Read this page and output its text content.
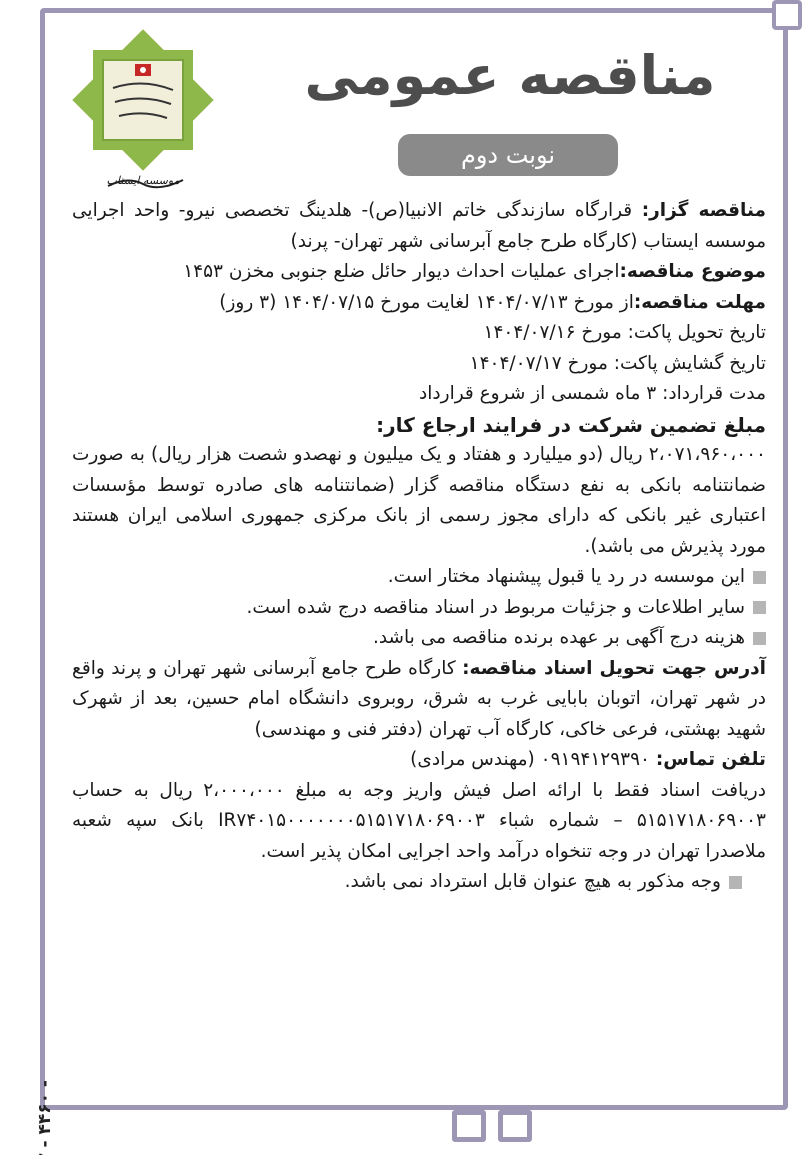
موسسه ایستاب
مناقصه عمومی
نوبت دوم

مناقصه گزار: قرارگاه سازندگی خاتم الانبیا(ص)- هلدینگ تخصصی نیرو- واحد اجرایی موسسه ایستاب (کارگاه طرح جامع آبرسانی شهر تهران- پرند)

موضوع مناقصه:اجرای عملیات احداث دیوار حائل ضلع جنوبی مخزن ۱۴۵۳

مهلت مناقصه:از مورخ ۱۴۰۴/۰۷/۱۳ لغایت مورخ ۱۴۰۴/۰۷/۱۵ (۳ روز)

تاریخ تحویل پاکت: مورخ ۱۴۰۴/۰۷/۱۶

تاریخ گشایش پاکت: مورخ ۱۴۰۴/۰۷/۱۷

مدت قرارداد: ۳ ماه شمسی از شروع قرارداد

مبلغ تضمین شرکت در فرایند ارجاع کار:

۲،۰۷۱،۹۶۰،۰۰۰ ریال (دو میلیارد و هفتاد و یک میلیون و نهصدو شصت هزار ریال) به صورت ضمانتنامه بانکی به نفع دستگاه مناقصه گزار (ضمانتنامه های صادره توسط مؤسسات اعتباری غیر بانکی که دارای مجوز رسمی از بانک مرکزی جمهوری اسلامی ایران هستند مورد پذیرش می باشد).

این موسسه در رد یا قبول پیشنهاد مختار است.

سایر اطلاعات و جزئیات مربوط در اسناد مناقصه درج شده است.

هزینه درج آگهی بر عهده برنده مناقصه می باشد.

آدرس جهت تحویل اسناد مناقصه: کارگاه طرح جامع آبرسانی شهر تهران و پرند واقع در شهر تهران، اتوبان بابایی غرب به شرق، روبروی دانشگاه امام حسین، بعد از شهرک شهید بهشتی، فرعی خاکی، کارگاه آب تهران (دفتر فنی و مهندسی)

تلفن تماس: ۰۹۱۹۴۱۲۹۳۹۰ (مهندس مرادی)

دریافت اسناد فقط با ارائه اصل فیش واریز وجه به مبلغ ۲،۰۰۰،۰۰۰ ریال به حساب ۵۱۵۱۷۱۸۰۶۹۰۰۳ – شماره شباء IR۷۴۰۱۵۰۰۰۰۰۰۰۵۱۵۱۷۱۸۰۶۹۰۰۳ بانک سپه شعبه ملاصدرا تهران در وجه تنخواه درآمد واحد اجرایی امکان پذیر است.

وجه مذکور به هیچ عنوان قابل استرداد نمی باشد.

- ۴۴۶۰ -
